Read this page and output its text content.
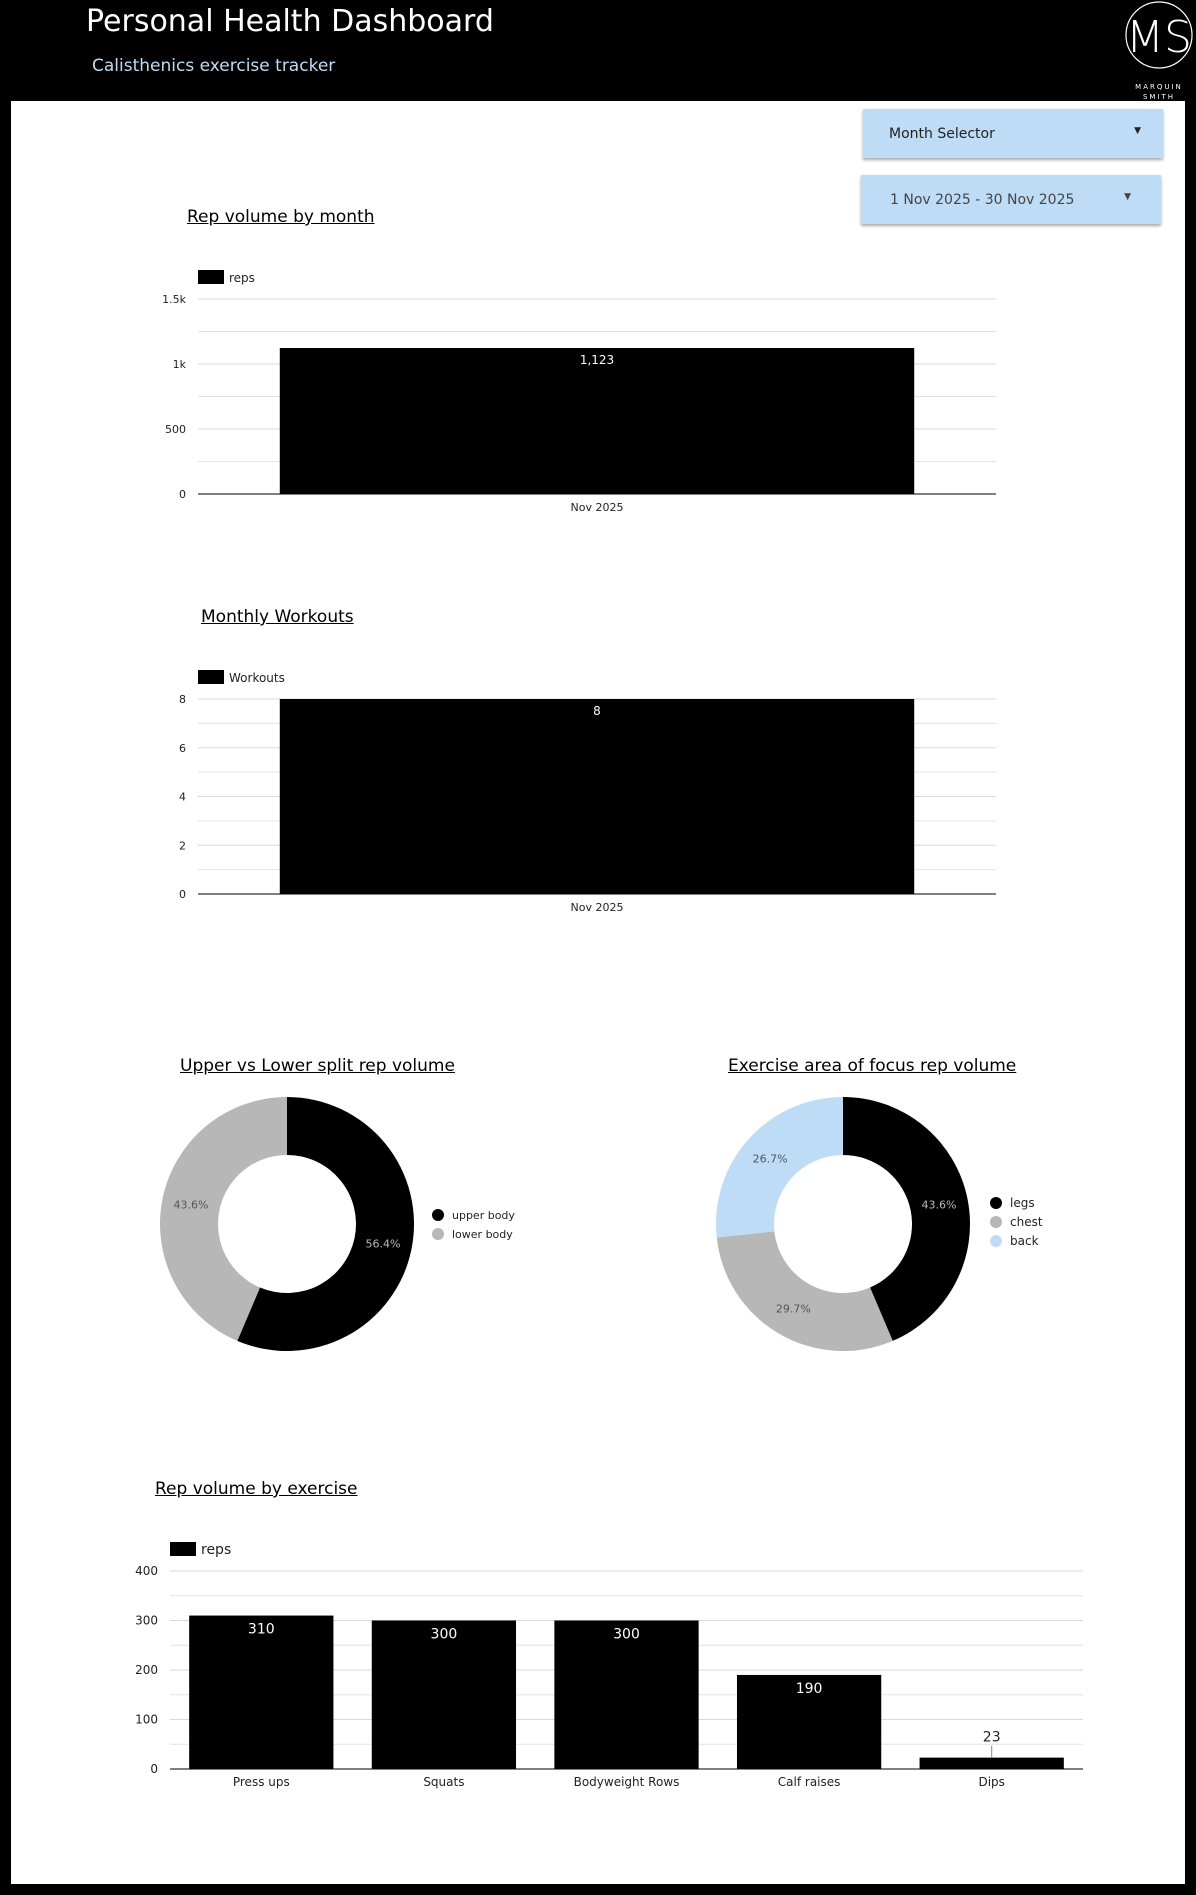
Personal Health Dashboard
Calisthenics exercise tracker
MS
MARQUIN
SMITH
Month Selector	▼
1 Nov 2025 - 30 Nov 2025	▼
Rep volume by month
Monthly Workouts
Upper vs Lower split rep volume	Exercise area of focus rep volume
Rep volume by exercise
0
500
1k
1.5k
reps
1,123
Nov 2025
0
2
4
6
8
Workouts
8
Nov 2025
56.4%
43.6%
upper body
lower body
43.6%
29.7%
26.7%
legs
chest
back
0
100
200
300
400
reps
310
Press ups
300
Squats
300
Bodyweight Rows
190
Calf raises
23
Dips
